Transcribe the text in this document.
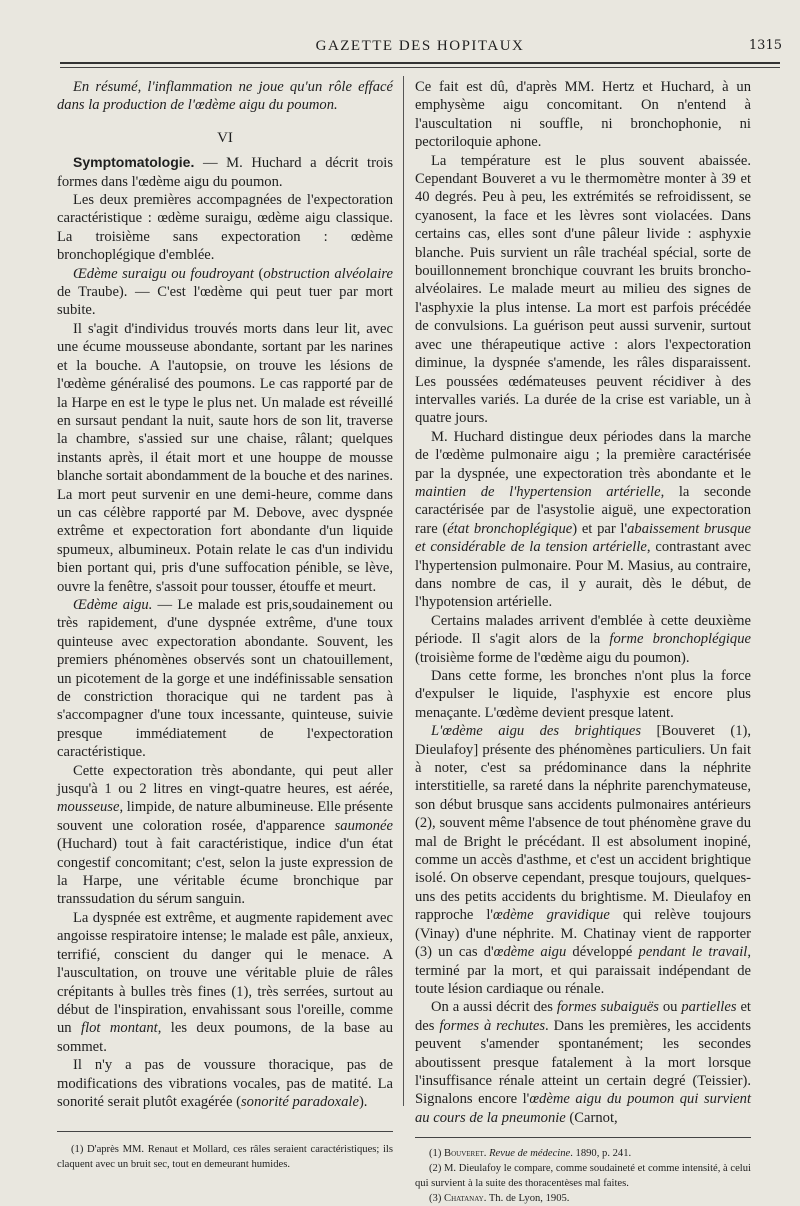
GAZETTE DES HOPITAUX	1315

En résumé, l'inflammation ne joue qu'un rôle effacé dans la production de l'œdème aigu du poumon.

VI

Symptomatologie. — M. Huchard a décrit trois formes dans l'œdème aigu du poumon.

Les deux premières accompagnées de l'expectoration caractéristique : œdème suraigu, œdème aigu classique. La troisième sans expectoration : œdème bronchoplégique d'emblée.

Œdème suraigu ou foudroyant (obstruction alvéolaire de Traube). — C'est l'œdème qui peut tuer par mort subite.

Il s'agit d'individus trouvés morts dans leur lit, avec une écume mousseuse abondante, sortant par les narines et la bouche. A l'autopsie, on trouve les lésions de l'œdème généralisé des poumons. Le cas rapporté par de la Harpe en est le type le plus net. Un malade est réveillé en sursaut pendant la nuit, saute hors de son lit, traverse la chambre, s'assied sur une chaise, râlant; quelques instants après, il était mort et une houppe de mousse blanche sortait abondamment de la bouche et des narines. La mort peut survenir en une demi-heure, comme dans un cas célèbre rapporté par M. Debove, avec dyspnée extrême et expectoration fort abondante d'un liquide spumeux, albumineux. Potain relate le cas d'un individu bien portant qui, pris d'une suffocation pénible, se lève, ouvre la fenêtre, s'assoit pour tousser, étouffe et meurt.

Œdème aigu. — Le malade est pris,soudainement ou très rapidement, d'une dyspnée extrême, d'une toux quinteuse avec expectoration abondante. Souvent, les premiers phénomènes observés sont un chatouillement, un picotement de la gorge et une indéfinissable sensation de constriction thoracique qui ne tardent pas à s'accompagner d'une toux incessante, quinteuse, suivie presque immédiatement de l'expectoration caractéristique.

Cette expectoration très abondante, qui peut aller jusqu'à 1 ou 2 litres en vingt-quatre heures, est aérée, mousseuse, limpide, de nature albumineuse. Elle présente souvent une coloration rosée, d'apparence saumonée (Huchard) tout à fait caractéristique, indice d'un état congestif concomitant; c'est, selon la juste expression de la Harpe, une véritable écume bronchique par transsudation du sérum sanguin.

La dyspnée est extrême, et augmente rapidement avec angoisse respiratoire intense; le malade est pâle, anxieux, terrifié, conscient du danger qui le menace. A l'auscultation, on trouve une véritable pluie de râles crépitants à bulles très fines (1), très serrées, surtout au début de l'inspiration, envahissant sous l'oreille, comme un flot montant, les deux poumons, de la base au sommet.

Il n'y a pas de voussure thoracique, pas de modifications des vibrations vocales, pas de matité. La sonorité serait plutôt exagérée (sonorité paradoxale).

(1) D'après MM. Renaut et Mollard, ces râles seraient caractéristiques; ils claquent avec un bruit sec, tout en demeurant humides.

Ce fait est dû, d'après MM. Hertz et Huchard, à un emphysème aigu concomitant. On n'entend à l'auscultation ni souffle, ni bronchophonie, ni pectoriloquie aphone.

La température est le plus souvent abaissée. Cependant Bouveret a vu le thermomètre monter à 39 et 40 degrés. Peu à peu, les extrémités se refroidissent, se cyanosent, la face et les lèvres sont violacées. Dans certains cas, elles sont d'une pâleur livide : asphyxie blanche. Puis survient un râle trachéal spécial, sorte de bouillonnement bronchique couvrant les bruits broncho-alvéolaires. Le malade meurt au milieu des signes de l'asphyxie la plus intense. La mort est parfois précédée de convulsions. La guérison peut aussi survenir, surtout avec une thérapeutique active : alors l'expectoration diminue, la dyspnée s'amende, les râles disparaissent. Les poussées œdémateuses peuvent récidiver à des intervalles variés. La durée de la crise est variable, un à quatre jours.

M. Huchard distingue deux périodes dans la marche de l'œdème pulmonaire aigu ; la première caractérisée par la dyspnée, une expectoration très abondante et le maintien de l'hypertension artérielle, la seconde caractérisée par de l'asystolie aiguë, une expectoration rare (état bronchoplégique) et par l'abaissement brusque et considérable de la tension artérielle, contrastant avec l'hypertension pulmonaire. Pour M. Masius, au contraire, dans nombre de cas, il y aurait, dès le début, de l'hypotension artérielle.

Certains malades arrivent d'emblée à cette deuxième période. Il s'agit alors de la forme bronchoplégique (troisième forme de l'œdème aigu du poumon).

Dans cette forme, les bronches n'ont plus la force d'expulser le liquide, l'asphyxie est encore plus menaçante. L'œdème devient presque latent.

L'œdème aigu des brightiques [Bouveret (1), Dieulafoy] présente des phénomènes particuliers. Un fait à noter, c'est sa prédominance dans la néphrite interstitielle, sa rareté dans la néphrite parenchymateuse, son début brusque sans accidents pulmonaires antérieurs (2), souvent même l'absence de tout phénomène grave du mal de Bright le précédant. Il est absolument inopiné, comme un accès d'asthme, et c'est un accident brightique isolé. On observe cependant, presque toujours, quelques-uns des petits accidents du brightisme. M. Dieulafoy en rapproche l'œdème gravidique qui relève toujours (Vinay) d'une néphrite. M. Chatinay vient de rapporter (3) un cas d'œdème aigu développé pendant le travail, terminé par la mort, et qui paraissait indépendant de toute lésion cardiaque ou rénale.

On a aussi décrit des formes subaiguës ou partielles et des formes à rechutes. Dans les premières, les accidents peuvent s'amender spontanément; les secondes aboutissent presque fatalement à la mort lorsque l'insuffisance rénale atteint un certain degré (Teissier). Signalons encore l'œdème aigu du poumon qui survient au cours de la pneumonie (Carnot,

(1) Bouveret. Revue de médecine. 1890, p. 241.

(2) M. Dieulafoy le compare, comme soudaineté et comme intensité, à celui qui survient à la suite des thoracentèses mal faites.

(3) Chatanay. Th. de Lyon, 1905.
